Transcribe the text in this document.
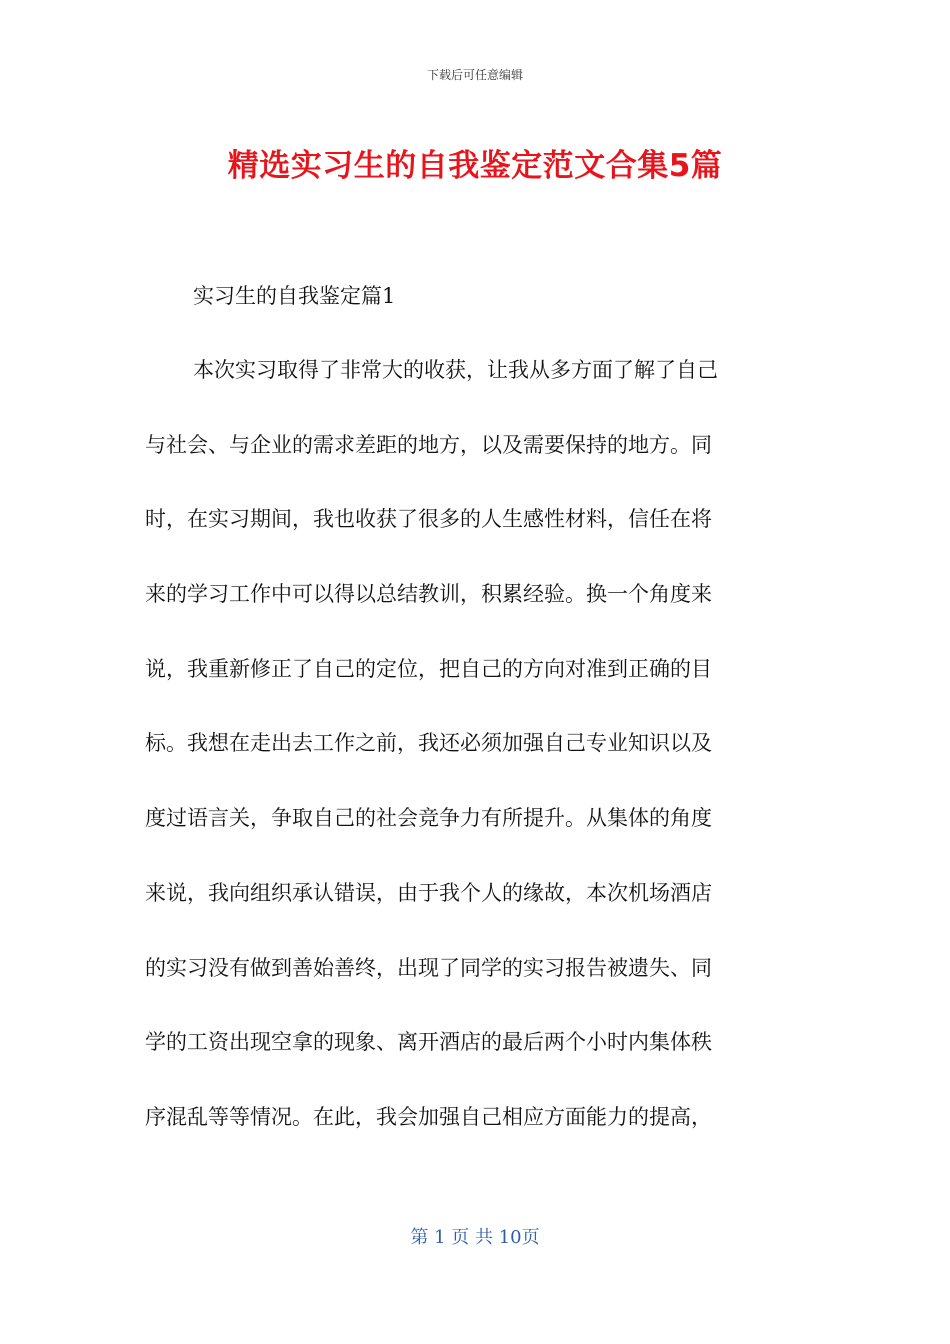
下载后可任意编辑
精选实习生的自我鉴定范文合集5篇
实习生的自我鉴定篇1
本次实习取得了非常大的收获，让我从多方面了解了自己
与社会、与企业的需求差距的地方，以及需要保持的地方。同
时，在实习期间，我也收获了很多的人生感性材料，信任在将
来的学习工作中可以得以总结教训，积累经验。换一个角度来
说，我重新修正了自己的定位，把自己的方向对准到正确的目
标。我想在走出去工作之前，我还必须加强自己专业知识以及
度过语言关，争取自己的社会竞争力有所提升。从集体的角度
来说，我向组织承认错误，由于我个人的缘故，本次机场酒店
的实习没有做到善始善终，出现了同学的实习报告被遗失、同
学的工资出现空拿的现象、离开酒店的最后两个小时内集体秩
序混乱等等情况。在此，我会加强自己相应方面能力的提高，
第 1 页 共 10页
